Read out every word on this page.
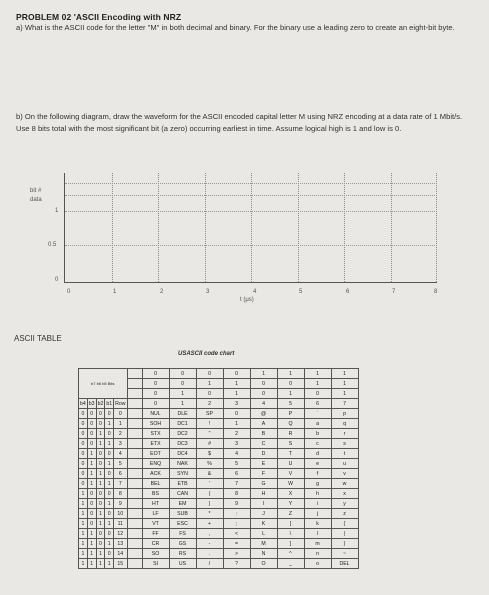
PROBLEM 02 'ASCII Encoding with NRZ
a) What is the ASCII code for the letter "M" in both decimal and binary. For the binary use a leading zero to create an eight-bit byte.
b) On the following diagram, draw the waveform for the ASCII encoded capital letter M using NRZ encoding at a data rate of 1 Mbit/s. Use 8 bits total with the most significant bit (a zero) occurring earliest in time. Assume logical high is 1 and low is 0.
bit #
data
1
0.5
0
0	1	2	3	4	5	6	7	8
t (μs)
ASCII TABLE
USASCII code chart
b7 b6 b5 Bits						0	0	0	0	1	1	1	1
						0	0	1	1	0	0	1	1
						0	1	0	1	0	1	0	1
b4	b3	b2	b1	Row		0	1	2	3	4	5	6	7
0	0	0	0	0		NUL	DLE	SP	0	@	P	`	p
0	0	0	1	1		SOH	DC1	!	1	A	Q	a	q
0	0	1	0	2		STX	DC2	"	2	B	R	b	r
0	0	1	1	3		ETX	DC3	#	3	C	S	c	s
0	1	0	0	4		EOT	DC4	$	4	D	T	d	t
0	1	0	1	5		ENQ	NAK	%	5	E	U	e	u
0	1	1	0	6		ACK	SYN	&	6	F	V	f	v
0	1	1	1	7		BEL	ETB	'	7	G	W	g	w
1	0	0	0	8		BS	CAN	(	8	H	X	h	x
1	0	0	1	9		HT	EM	)	9	I	Y	i	y
1	0	1	0	10		LF	SUB	*	:	J	Z	j	z
1	0	1	1	11		VT	ESC	+	;	K	[	k	{
1	1	0	0	12		FF	FS	,	<	L	\	l	|
1	1	0	1	13		CR	GS	-	=	M	]	m	}
1	1	1	0	14		SO	RS	.	>	N	^	n	~
1	1	1	1	15		SI	US	/	?	O	_	o	DEL
